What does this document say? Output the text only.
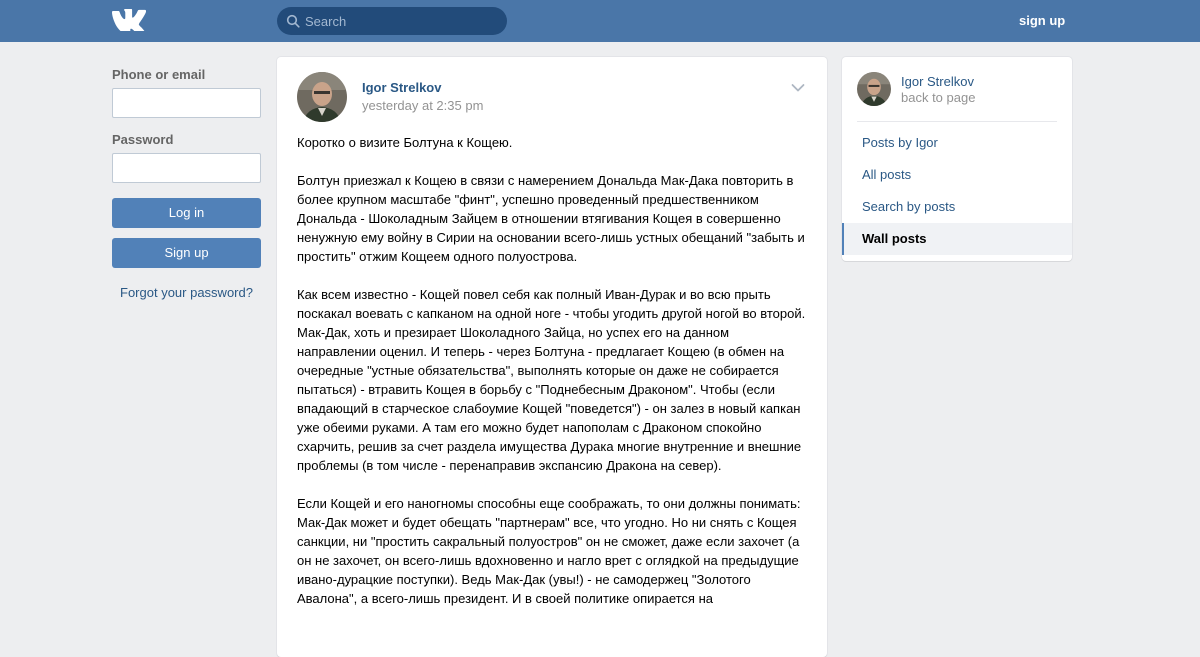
Search
sign up
Phone or email
Password
Log in
Sign up
Forgot your password?
Igor Strelkov
yesterday at 2:35 pm

Коротко о визите Болтуна к Кощею.

Болтун приезжал к Кощею в связи с намерением Дональда Мак-Дака повторить в более крупном масштабе "финт", успешно проведенный предшественником Дональда - Шоколадным Зайцем в отношении втягивания Кощея в совершенно ненужную ему войну в Сирии на основании всего-лишь устных обещаний "забыть и простить" отжим Кощеем одного полуострова.

Как всем известно - Кощей повел себя как полный Иван-Дурак и во всю прыть поскакал воевать с капканом на одной ноге - чтобы угодить другой ногой во второй.
Мак-Дак, хоть и презирает Шоколадного Зайца, но успех его на данном направлении оценил. И теперь - через Болтуна - предлагает Кощею (в обмен на очередные "устные обязательства", выполнять которые он даже не собирается пытаться) - втравить Кощея в борьбу с "Поднебесным Драконом". Чтобы (если впадающий в старческое слабоумие Кощей "поведется") - он залез в новый капкан уже обеими руками. А там его можно будет напополам с Драконом спокойно схарчить, решив за счет раздела имущества Дурака многие внутренние и внешние проблемы (в том числе - перенаправив экспансию Дракона на север).

Если Кощей и его наногномы способны еще соображать, то они должны понимать: Мак-Дак может и будет обещать "партнерам" все, что угодно. Но ни снять с Кощея санкции, ни "простить сакральный полуостров" он не сможет, даже если захочет (а он не захочет, он всего-лишь вдохновенно и нагло врет с оглядкой на предыдущие ивано-дурацкие поступки). Ведь Мак-Дак (увы!) - не самодержец "Золотого Авалона", а всего-лишь президент. И в своей политике опирается на

Igor Strelkov
back to page
Posts by Igor
All posts
Search by posts
Wall posts
